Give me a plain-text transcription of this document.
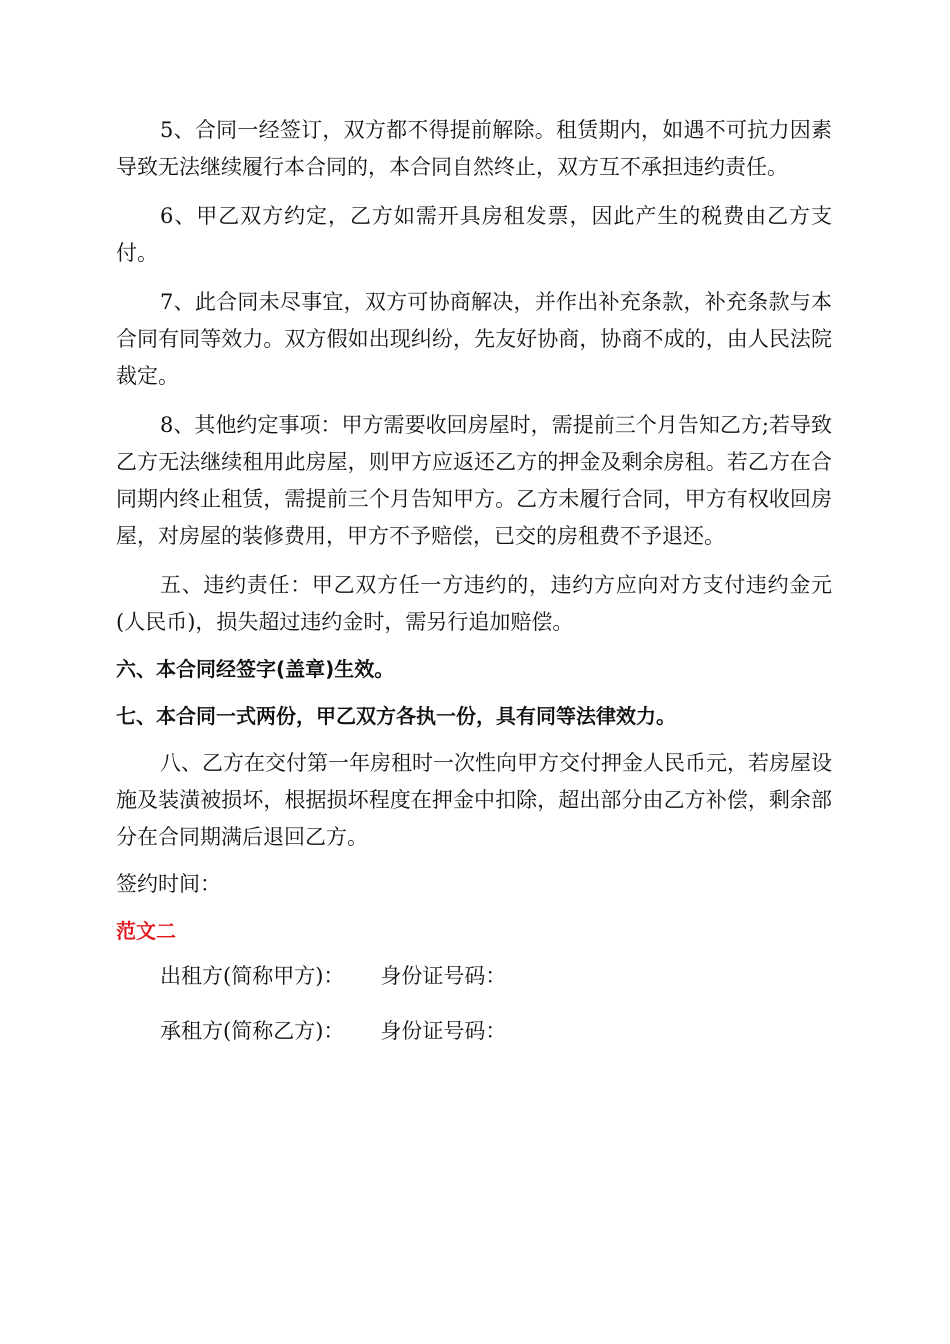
5、合同一经签订，双方都不得提前解除。租赁期内，如遇不可抗力因素导致无法继续履行本合同的，本合同自然终止，双方互不承担违约责任。

6、甲乙双方约定，乙方如需开具房租发票，因此产生的税费由乙方支付。

7、此合同未尽事宜，双方可协商解决，并作出补充条款，补充条款与本合同有同等效力。双方假如出现纠纷，先友好协商，协商不成的，由人民法院裁定。

8、其他约定事项：甲方需要收回房屋时，需提前三个月告知乙方;若导致乙方无法继续租用此房屋，则甲方应返还乙方的押金及剩余房租。若乙方在合同期内终止租赁，需提前三个月告知甲方。乙方未履行合同，甲方有权收回房屋，对房屋的装修费用，甲方不予赔偿，已交的房租费不予退还。

五、违约责任：甲乙双方任一方违约的，违约方应向对方支付违约金元(人民币)，损失超过违约金时，需另行追加赔偿。

六、本合同经签字(盖章)生效。

七、本合同一式两份，甲乙双方各执一份，具有同等法律效力。

八、乙方在交付第一年房租时一次性向甲方交付押金人民币元，若房屋设施及装潢被损坏，根据损坏程度在押金中扣除，超出部分由乙方补偿，剩余部分在合同期满后退回乙方。

签约时间：

范文二

出租方(简称甲方)： 身份证号码：

承租方(简称乙方)： 身份证号码：
